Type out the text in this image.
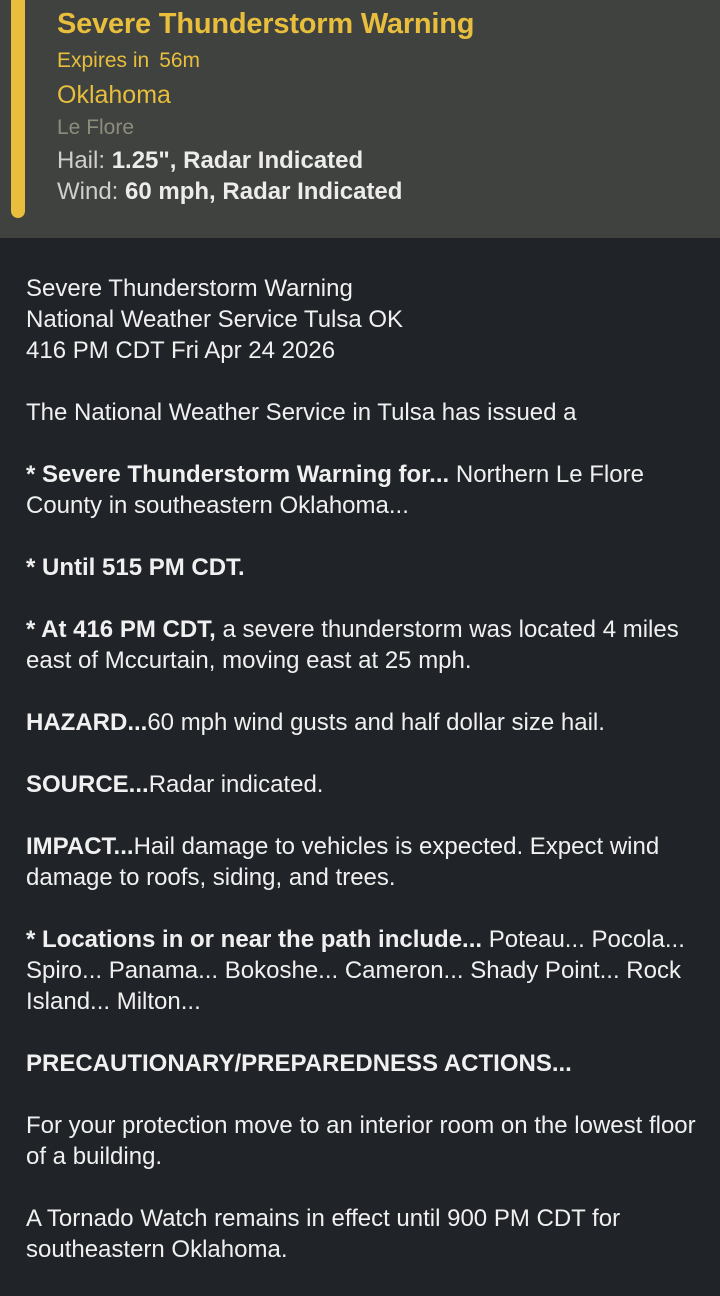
Severe Thunderstorm Warning
Expires in 56m
Oklahoma
Le Flore
Hail: 1.25", Radar Indicated
Wind: 60 mph, Radar Indicated

Severe Thunderstorm Warning
National Weather Service Tulsa OK
416 PM CDT Fri Apr 24 2026

The National Weather Service in Tulsa has issued a

* Severe Thunderstorm Warning for... Northern Le Flore County in southeastern Oklahoma...

* Until 515 PM CDT.

* At 416 PM CDT, a severe thunderstorm was located 4 miles east of Mccurtain, moving east at 25 mph.

HAZARD...60 mph wind gusts and half dollar size hail.

SOURCE...Radar indicated.

IMPACT...Hail damage to vehicles is expected. Expect wind damage to roofs, siding, and trees.

* Locations in or near the path include... Poteau... Pocola... Spiro... Panama... Bokoshe... Cameron... Shady Point... Rock Island... Milton...

PRECAUTIONARY/PREPAREDNESS ACTIONS...

For your protection move to an interior room on the lowest floor of a building.

A Tornado Watch remains in effect until 900 PM CDT for southeastern Oklahoma.
